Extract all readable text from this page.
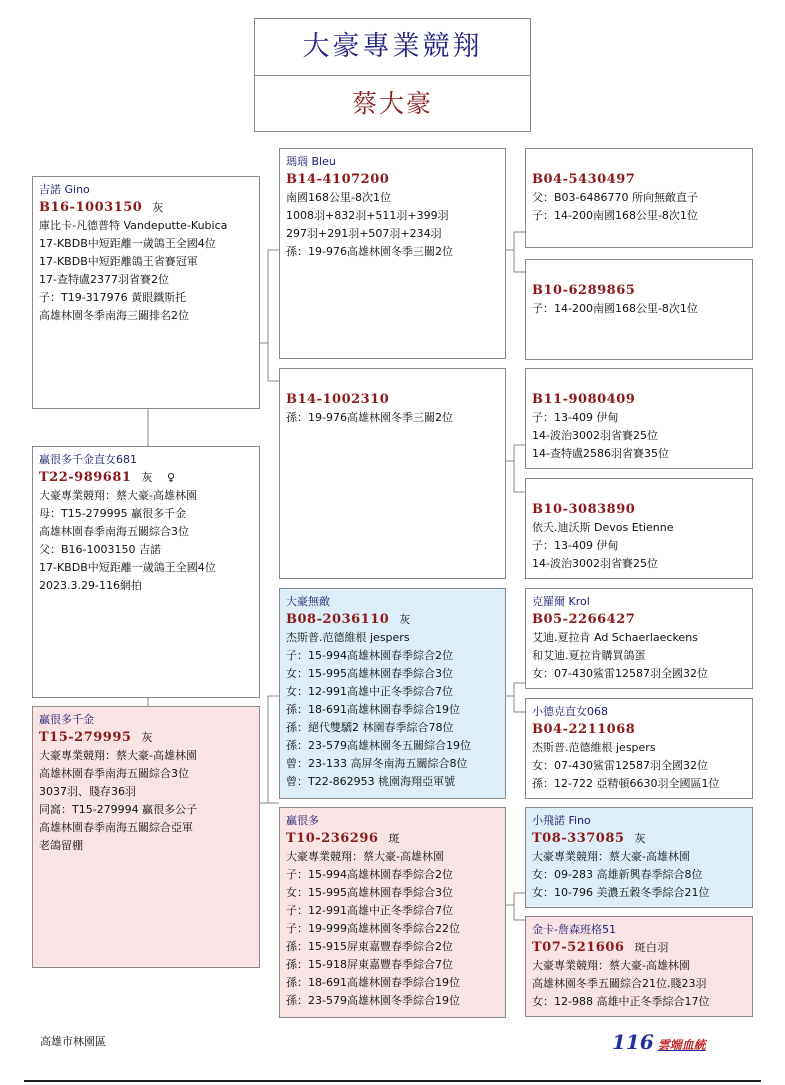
大豪專業競翔
蔡大豪
吉諾 Gino
B16-1003150 灰
庫比卡-凡德普特 Vandeputte-Kubica
17-KBDB中短距離一歲鴿王全國4位
17-KBDB中短距離鴿王省賽冠軍
17-查特盧2377羽省賽2位
子：T19-317976 黃眼鐵斯托
高雄林園冬季南海三關排名2位
贏很多千金直女681
T22-989681 灰 ♀
大豪專業競翔：蔡大豪-高雄林園
母：T15-279995 贏很多千金
高雄林園春季南海五關綜合3位
父：B16-1003150 吉諾
17-KBDB中短距離一歲鴿王全國4位
2023.3.29-116網拍
贏很多千金
T15-279995 灰
大豪專業競翔：蔡大豪-高雄林園
高雄林園春季南海五關綜合3位
3037羽、賤存36羽
同窩：T15-279994 贏很多公子
高雄林園春季南海五關綜合亞軍
老鴿留棚
瑪瑙 Bleu
B14-4107200
南國168公里-8次1位
1008羽+832羽+511羽+399羽
297羽+291羽+507羽+234羽
孫：19-976高雄林園冬季三關2位
B14-1002310
孫：19-976高雄林園冬季三關2位
大豪無敵
B08-2036110 灰
杰斯普.范德維根 jespers
子：15-994高雄林園春季綜合2位
女：15-995高雄林園春季綜合3位
女：12-991高雄中正冬季綜合7位
孫：18-691高雄林園春季綜合19位
孫：絕代雙驕2 林園春季綜合78位
孫：23-579高雄林園冬五關綜合19位
曾：23-133 高屏冬南海五關綜合8位
曾：T22-862953 桃園海翔亞軍號
贏很多
T10-236296 斑
大豪專業競翔：蔡大豪-高雄林園
子：15-994高雄林園春季綜合2位
女：15-995高雄林園春季綜合3位
子：12-991高雄中正冬季綜合7位
子：19-999高雄林園冬季綜合22位
孫：15-915屏東嘉豐春季綜合2位
孫：15-918屏東嘉豐春季綜合7位
孫：18-691高雄林園春季綜合19位
孫：23-579高雄林園冬季綜合19位
B04-5430497
父：B03-6486770 所向無敵直子
子：14-200南國168公里-8次1位
B10-6289865
子：14-200南國168公里-8次1位
B11-9080409
子：13-409 伊甸
14-波治3002羽省賽25位
14-查特盧2586羽省賽35位
B10-3083890
依夭.迪沃斯 Devos Etienne
子：13-409 伊甸
14-波治3002羽省賽25位
克羅爾 Krol
B05-2266427
艾迪.夏拉肯 Ad Schaerlaeckens
和艾迪.夏拉肯購買鴿蛋
女：07-430鯊雷12587羽全國32位
小德克直女068
B04-2211068
杰斯普.范德維根 jespers
女：07-430鯊雷12587羽全國32位
孫：12-722 亞精頓6630羽全國區1位
小飛諾 Fino
T08-337085 灰
大豪專業競翔：蔡大豪-高雄林園
女：09-283 高雄新興春季綜合8位
女：10-796 美濃五穀冬季綜合21位
金卡-詹森班格51
T07-521606 斑白羽
大豪專業競翔：蔡大豪-高雄林園
高雄林園冬季五關綜合21位.賤23羽
女：12-988 高雄中正冬季綜合17位
高雄市林園區	116 雲端血統
